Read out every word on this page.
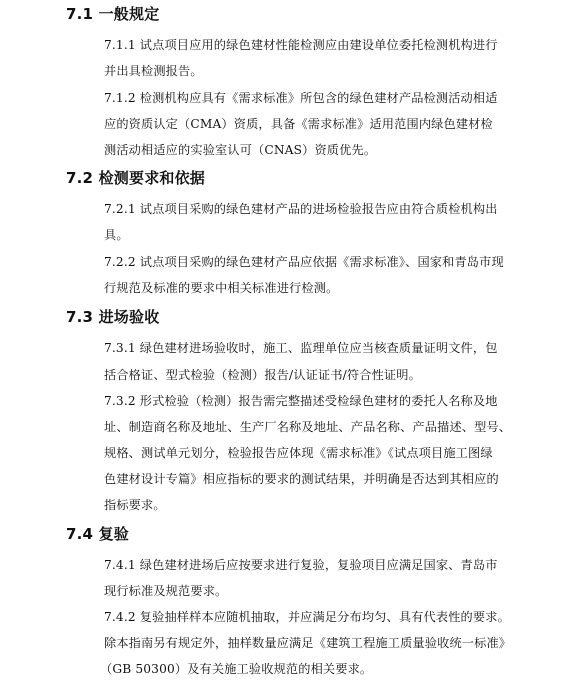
7.1 一般规定
7.1.1 试点项目应用的绿色建材性能检测应由建设单位委托检测机构进行
并出具检测报告。
7.1.2 检测机构应具有《需求标准》所包含的绿色建材产品检测活动相适
应的资质认定（CMA）资质，具备《需求标准》适用范围内绿色建材检
测活动相适应的实验室认可（CNAS）资质优先。
7.2 检测要求和依据
7.2.1 试点项目采购的绿色建材产品的进场检验报告应由符合质检机构出
具。
7.2.2 试点项目采购的绿色建材产品应依据《需求标准》、国家和青岛市现
行规范及标准的要求中相关标准进行检测。
7.3 进场验收
7.3.1 绿色建材进场验收时，施工、监理单位应当核查质量证明文件，包
括合格证、型式检验（检测）报告/认证证书/符合性证明。
7.3.2 形式检验（检测）报告需完整描述受检绿色建材的委托人名称及地
址、制造商名称及地址、生产厂名称及地址、产品名称、产品描述、型号、
规格、测试单元划分，检验报告应体现《需求标准》《试点项目施工图绿
色建材设计专篇》相应指标的要求的测试结果，并明确是否达到其相应的
指标要求。
7.4 复验
7.4.1 绿色建材进场后应按要求进行复验，复验项目应满足国家、青岛市
现行标准及规范要求。
7.4.2 复验抽样样本应随机抽取，并应满足分布均匀、具有代表性的要求。
除本指南另有规定外，抽样数量应满足《建筑工程施工质量验收统一标准》
（GB 50300）及有关施工验收规范的相关要求。
